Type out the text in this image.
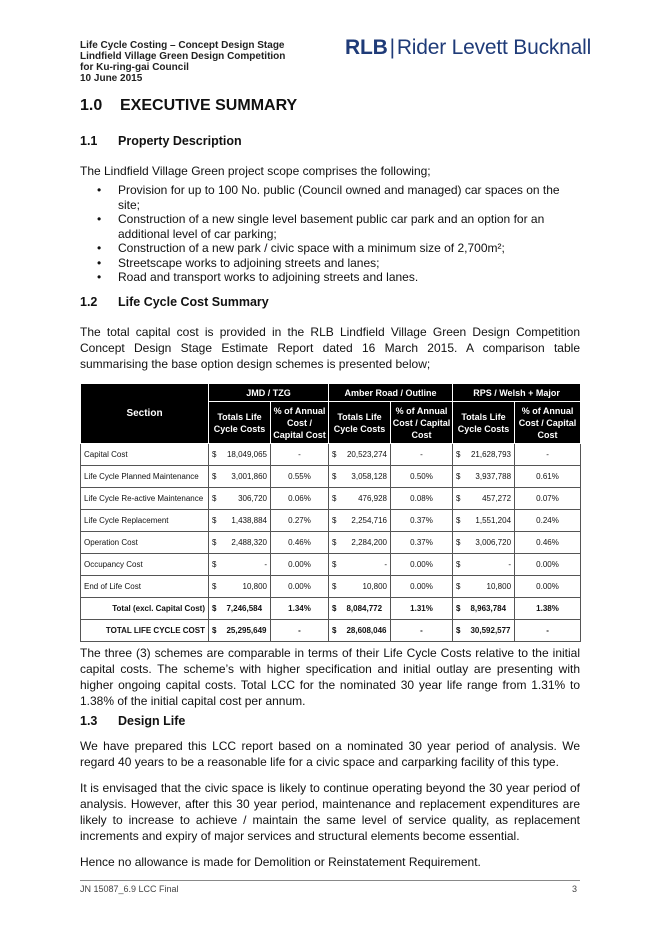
Life Cycle Costing – Concept Design Stage
Lindfield Village Green Design Competition
for Ku-ring-gai Council
10 June 2015
RLB|Rider Levett Bucknall
1.0 EXECUTIVE SUMMARY
1.1 Property Description
The Lindfield Village Green project scope comprises the following;
• Provision for up to 100 No. public (Council owned and managed) car spaces on the site;
• Construction of a new single level basement public car park and an option for an additional level of car parking;
• Construction of a new park / civic space with a minimum size of 2,700m²;
• Streetscape works to adjoining streets and lanes;
• Road and transport works to adjoining streets and lanes.
1.2 Life Cycle Cost Summary
The total capital cost is provided in the RLB Lindfield Village Green Design Competition Concept Design Stage Estimate Report dated 16 March 2015. A comparison table summarising the base option design schemes is presented below;
Section	JMD / TZG		Amber Road / Outline		RPS / Welsh + Major	
	Totals Life Cycle Costs	% of Annual Cost / Capital Cost	Totals Life Cycle Costs	% of Annual Cost / Capital Cost	Totals Life Cycle Costs	% of Annual Cost / Capital Cost
Capital Cost	$ 18,049,065	-	$ 20,523,274	-	$ 21,628,793	-
Life Cycle Planned Maintenance	$ 3,001,860	0.55%	$ 3,058,128	0.50%	$ 3,937,788	0.61%
Life Cycle Re-active Maintenance	$ 306,720	0.06%	$ 476,928	0.08%	$ 457,272	0.07%
Life Cycle Replacement	$ 1,438,884	0.27%	$ 2,254,716	0.37%	$ 1,551,204	0.24%
Operation Cost	$ 2,488,320	0.46%	$ 2,284,200	0.37%	$ 3,006,720	0.46%
Occupancy Cost	$ -	0.00%	$ -	0.00%	$ -	0.00%
End of Life Cost	$ 10,800	0.00%	$ 10,800	0.00%	$ 10,800	0.00%
Total (excl. Capital Cost)	$ 7,246,584	1.34%	$ 8,084,772	1.31%	$ 8,963,784	1.38%
TOTAL LIFE CYCLE COST	$ 25,295,649	-	$ 28,608,046	-	$ 30,592,577	-
The three (3) schemes are comparable in terms of their Life Cycle Costs relative to the initial capital costs. The scheme’s with higher specification and initial outlay are presenting with higher ongoing capital costs. Total LCC for the nominated 30 year life range from 1.31% to 1.38% of the initial capital cost per annum.
1.3 Design Life
We have prepared this LCC report based on a nominated 30 year period of analysis. We regard 40 years to be a reasonable life for a civic space and carparking facility of this type.
It is envisaged that the civic space is likely to continue operating beyond the 30 year period of analysis. However, after this 30 year period, maintenance and replacement expenditures are likely to increase to achieve / maintain the same level of service quality, as replacement increments and expiry of major services and structural elements become essential.
Hence no allowance is made for Demolition or Reinstatement Requirement.
JN 15087_6.9 LCC Final	3
